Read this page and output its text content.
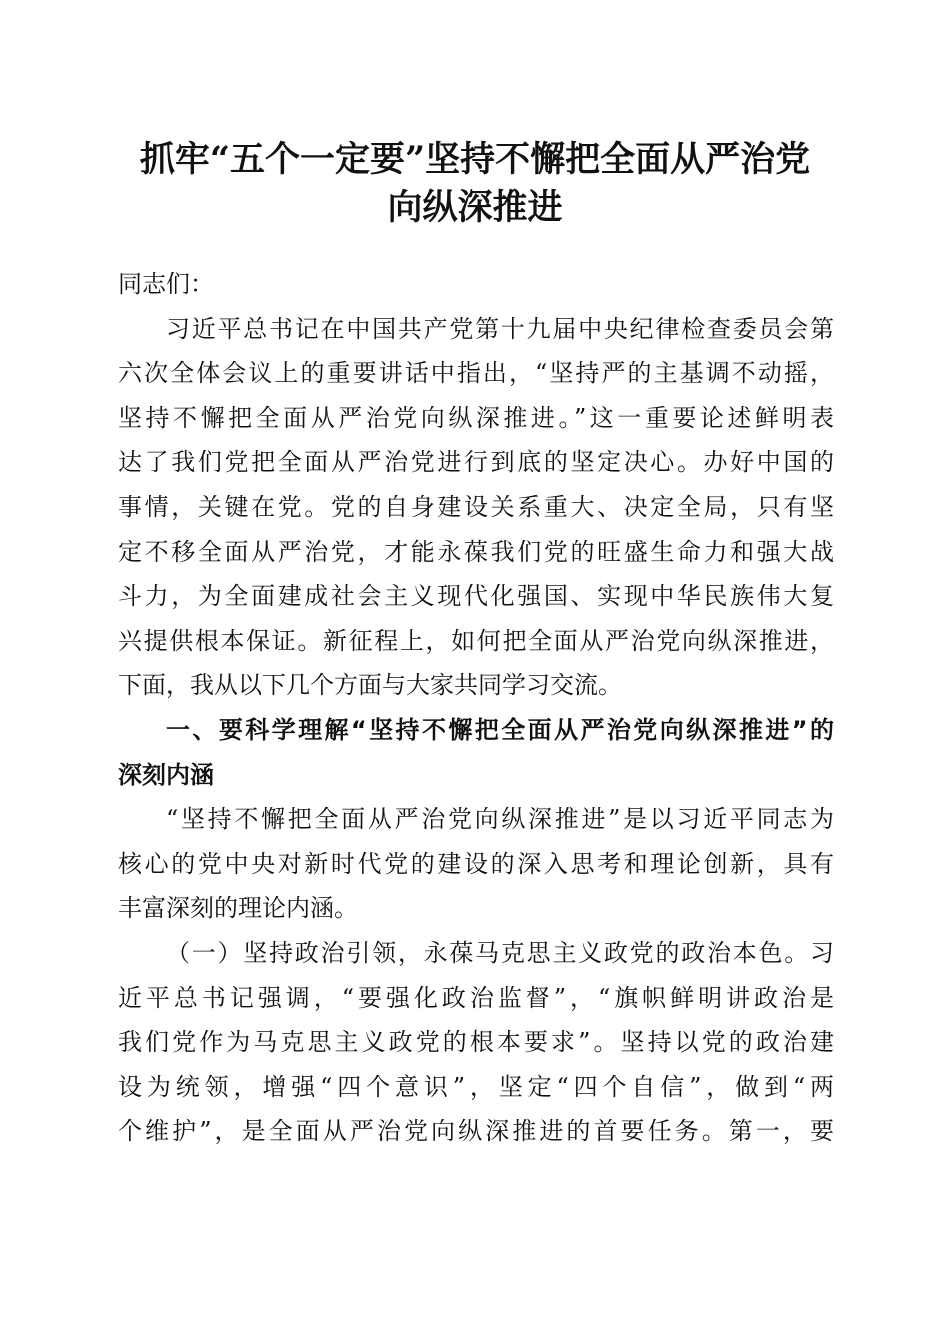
抓牢“五个一定要”坚持不懈把全面从严治党
向纵深推进
同志们：
习近平总书记在中国共产党第十九届中央纪律检查委员会第
六次全体会议上的重要讲话中指出，“坚持严的主基调不动摇，
坚持不懈把全面从严治党向纵深推进。”这一重要论述鲜明表
达了我们党把全面从严治党进行到底的坚定决心。办好中国的
事情，关键在党。党的自身建设关系重大、决定全局，只有坚
定不移全面从严治党，才能永葆我们党的旺盛生命力和强大战
斗力，为全面建成社会主义现代化强国、实现中华民族伟大复
兴提供根本保证。新征程上，如何把全面从严治党向纵深推进，
下面，我从以下几个方面与大家共同学习交流。
一、要科学理解“坚持不懈把全面从严治党向纵深推进”的
深刻内涵
“坚持不懈把全面从严治党向纵深推进”是以习近平同志为
核心的党中央对新时代党的建设的深入思考和理论创新，具有
丰富深刻的理论内涵。
（一）坚持政治引领，永葆马克思主义政党的政治本色。习
近平总书记强调，“要强化政治监督”，“旗帜鲜明讲政治是
我们党作为马克思主义政党的根本要求”。坚持以党的政治建
设为统领，增强“四个意识”，坚定“四个自信”，做到“两
个维护”，是全面从严治党向纵深推进的首要任务。第一，要
